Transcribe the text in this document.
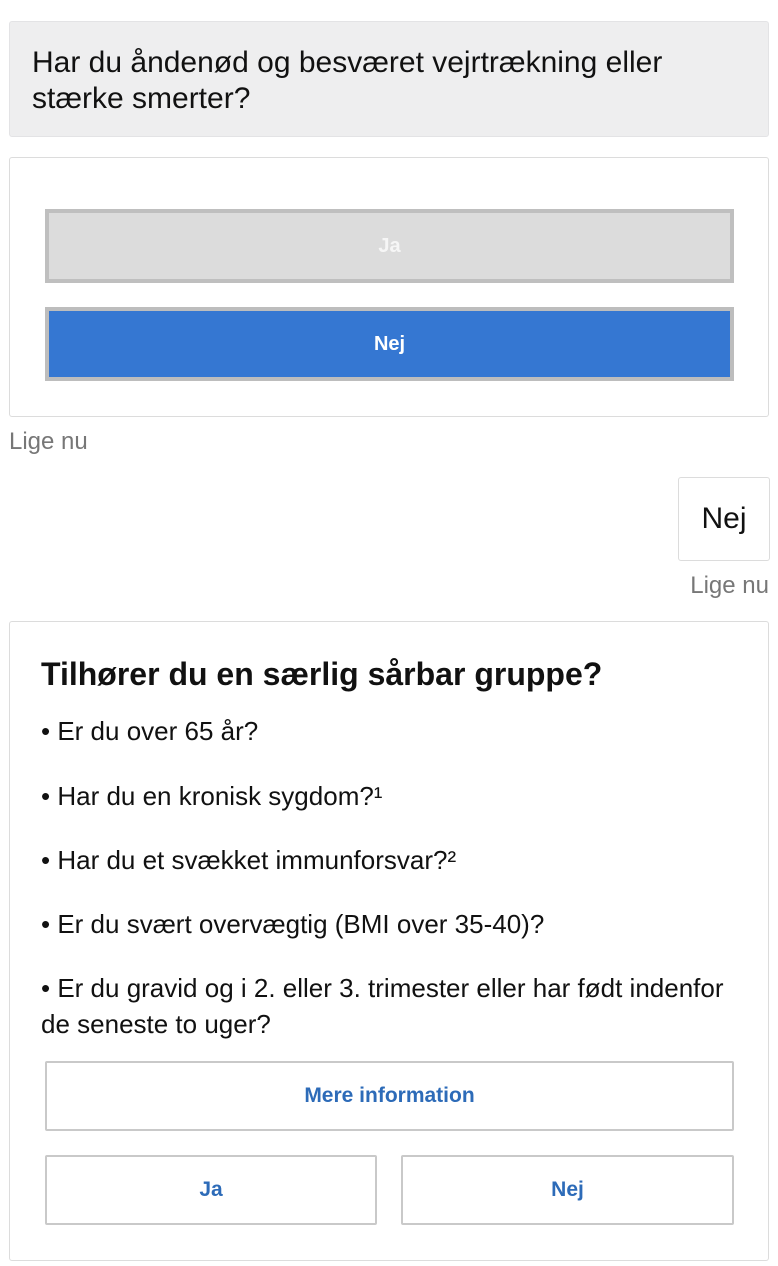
Har du åndenød og besværet vejrtrækning eller stærke smerter?
Ja
Nej
Lige nu
Nej
Lige nu
Tilhører du en særlig sårbar gruppe?
• Er du over 65 år?
• Har du en kronisk sygdom?¹
• Har du et svækket immunforsvar?²
• Er du svært overvægtig (BMI over 35-40)?
• Er du gravid og i 2. eller 3. trimester eller har født indenfor de seneste to uger?
Mere information
Ja	Nej
